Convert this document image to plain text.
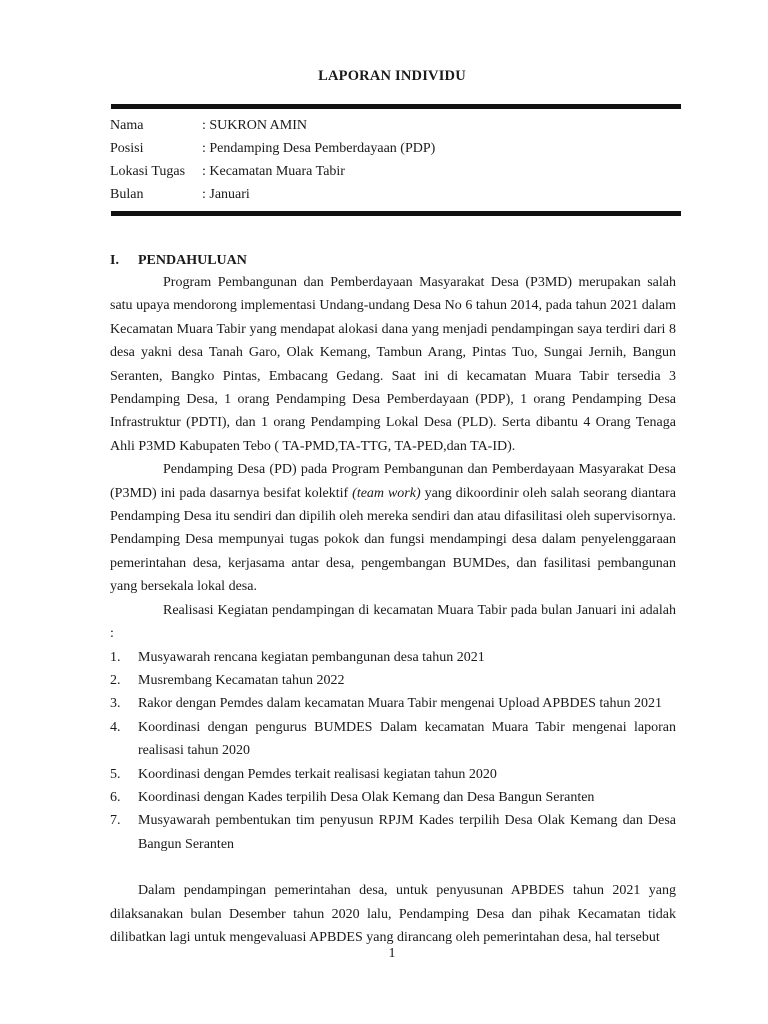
LAPORAN INDIVIDU
Nama	: SUKRON AMIN
Posisi	: Pendamping Desa Pemberdayaan (PDP)
Lokasi Tugas	: Kecamatan Muara Tabir
Bulan	: Januari
I. PENDAHULUAN

Program Pembangunan dan Pemberdayaan Masyarakat Desa (P3MD) merupakan salah satu upaya mendorong implementasi Undang-undang Desa No 6 tahun 2014, pada tahun 2021 dalam Kecamatan Muara Tabir yang mendapat alokasi dana yang menjadi pendampingan saya terdiri dari 8 desa yakni desa Tanah Garo, Olak Kemang, Tambun Arang, Pintas Tuo, Sungai Jernih, Bangun Seranten, Bangko Pintas, Embacang Gedang. Saat ini di kecamatan Muara Tabir tersedia 3 Pendamping Desa, 1 orang Pendamping Desa Pemberdayaan (PDP), 1 orang Pendamping Desa Infrastruktur (PDTI), dan 1 orang Pendamping Lokal Desa (PLD). Serta dibantu 4 Orang Tenaga Ahli P3MD Kabupaten Tebo ( TA-PMD,TA-TTG, TA-PED,dan TA-ID).

Pendamping Desa (PD) pada Program Pembangunan dan Pemberdayaan Masyarakat Desa (P3MD) ini pada dasarnya besifat kolektif (team work) yang dikoordinir oleh salah seorang diantara Pendamping Desa itu sendiri dan dipilih oleh mereka sendiri dan atau difasilitasi oleh supervisornya. Pendamping Desa mempunyai tugas pokok dan fungsi mendampingi desa dalam penyelenggaraan pemerintahan desa, kerjasama antar desa, pengembangan BUMDes, dan fasilitasi pembangunan yang bersekala lokal desa.

Realisasi Kegiatan pendampingan di kecamatan Muara Tabir pada bulan Januari ini adalah :

1.	Musyawarah rencana kegiatan pembangunan desa tahun 2021
2.	Musrembang Kecamatan tahun 2022
3.	Rakor dengan Pemdes dalam kecamatan Muara Tabir mengenai Upload APBDES tahun 2021
4.	Koordinasi dengan pengurus BUMDES Dalam kecamatan Muara Tabir mengenai laporan realisasi tahun 2020
5.	Koordinasi dengan Pemdes terkait realisasi kegiatan tahun 2020
6.	Koordinasi dengan Kades terpilih Desa Olak Kemang dan Desa Bangun Seranten
7.	Musyawarah pembentukan tim penyusun RPJM Kades terpilih Desa Olak Kemang dan Desa Bangun Seranten

Dalam pendampingan pemerintahan desa, untuk penyusunan APBDES tahun 2021 yang dilaksanakan bulan Desember tahun 2020 lalu, Pendamping Desa dan pihak Kecamatan tidak dilibatkan lagi untuk mengevaluasi APBDES yang dirancang oleh pemerintahan desa, hal tersebut

1
